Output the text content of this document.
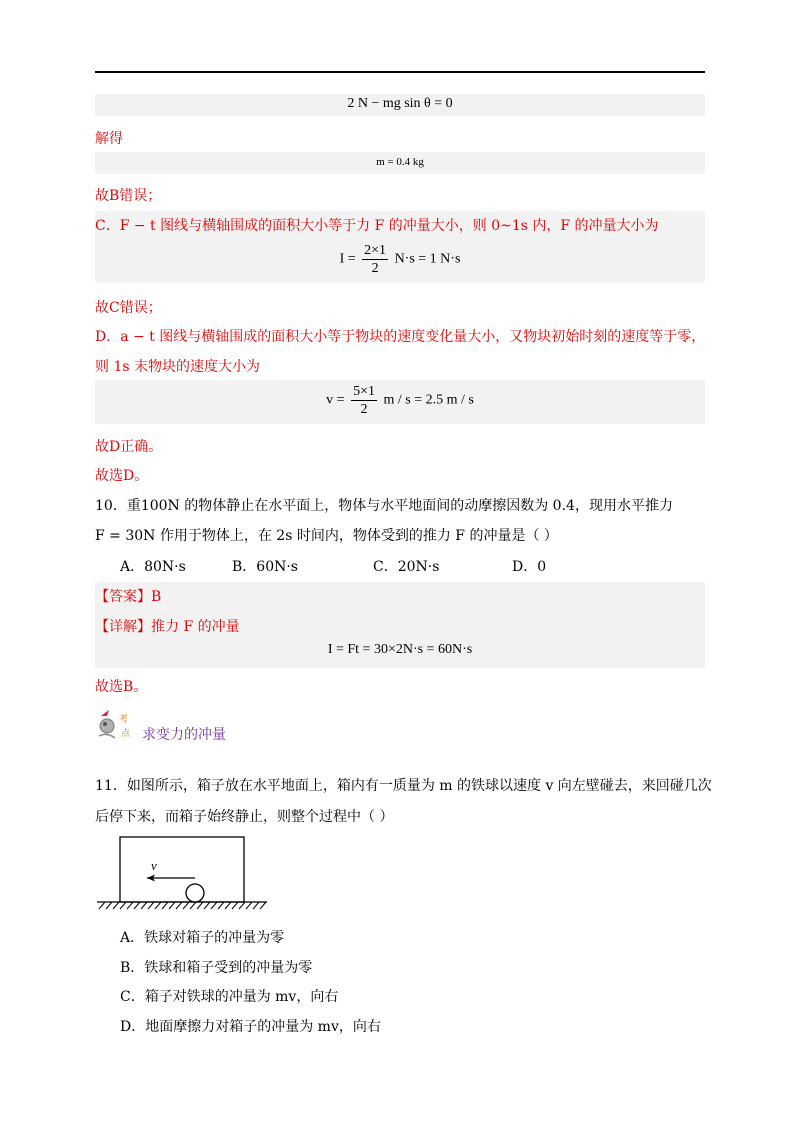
2 N − mg sin θ = 0
解得
m = 0.4 kg
故B错误；
C．F − t 图线与横轴围成的面积大小等于力 F 的冲量大小，则 0~1s 内，F 的冲量大小为
$I = \frac{2\times 1}{2} N\cdot s = 1$ N·s
故C错误；
D．a − t 图线与横轴围成的面积大小等于物块的速度变化量大小，又物块初始时刻的速度等于零，
则 1s 末物块的速度大小为
$v = \frac{5\times 1}{2}$ m / s = 2.5 m / s
故D正确。
故选D。
10．重100N 的物体静止在水平面上，物体与水平地面间的动摩擦因数为 0.4，现用水平推力
F = 30N 作用于物体上，在 2s 时间内，物体受到的推力 F 的冲量是（ ）
A．80N·s	B．60N·s	C．20N·s	D．0
【答案】B
【详解】推力 F 的冲量
I = Ft = 30×2N·s = 60N·s
故选B。
考
点 求变力的冲量
11．如图所示，箱子放在水平地面上，箱内有一质量为 m 的铁球以速度 v 向左壁碰去，来回碰几次
后停下来，而箱子始终静止，则整个过程中（ ）
v
A．铁球对箱子的冲量为零
B．铁球和箱子受到的冲量为零
C．箱子对铁球的冲量为 mv，向右
D．地面摩擦力对箱子的冲量为 mv，向右
